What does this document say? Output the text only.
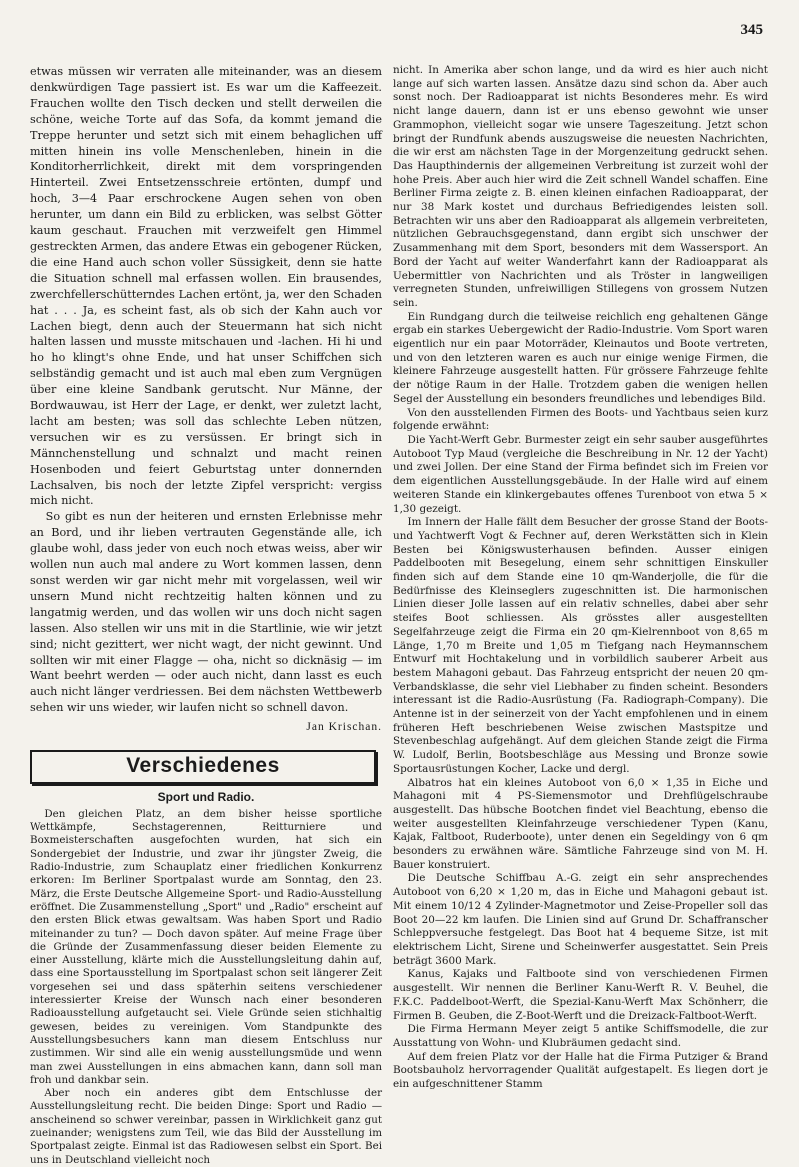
345

etwas müssen wir verraten alle miteinander, was an diesem denkwürdigen Tage passiert ist. Es war um die Kaffeezeit. Frauchen wollte den Tisch decken und stellt derweilen die schöne, weiche Torte auf das Sofa, da kommt jemand die Treppe herunter und setzt sich mit einem behaglichen uff mitten hinein ins volle Menschenleben, hinein in die Konditorherrlichkeit, direkt mit dem vorspringenden Hinterteil. Zwei Entsetzensschreie ertönten, dumpf und hoch, 3—4 Paar erschrockene Augen sehen von oben herunter, um dann ein Bild zu erblicken, was selbst Götter kaum geschaut. Frauchen mit verzweifelt gen Himmel gestreckten Armen, das andere Etwas ein gebogener Rücken, die eine Hand auch schon voller Süssigkeit, denn sie hatte die Situation schnell mal erfassen wollen. Ein brausendes, zwerchfellerschütterndes Lachen ertönt, ja, wer den Schaden hat . . . Ja, es scheint fast, als ob sich der Kahn auch vor Lachen biegt, denn auch der Steuermann hat sich nicht halten lassen und musste mitschauen und -lachen. Hi hi und ho ho klingt's ohne Ende, und hat unser Schiffchen sich selbständig gemacht und ist auch mal eben zum Vergnügen über eine kleine Sandbank gerutscht. Nur Männe, der Bordwauwau, ist Herr der Lage, er denkt, wer zuletzt lacht, lacht am besten; was soll das schlechte Leben nützen, versuchen wir es zu versüssen. Er bringt sich in Männchenstellung und schnalzt und macht reinen Hosenboden und feiert Geburtstag unter donnernden Lachsalven, bis noch der letzte Zipfel verspricht: vergiss mich nicht.

So gibt es nun der heiteren und ernsten Erlebnisse mehr an Bord, und ihr lieben vertrauten Gegenstände alle, ich glaube wohl, dass jeder von euch noch etwas weiss, aber wir wollen nun auch mal andere zu Wort kommen lassen, denn sonst werden wir gar nicht mehr mit vorgelassen, weil wir unsern Mund nicht rechtzeitig halten können und zu langatmig werden, und das wollen wir uns doch nicht sagen lassen. Also stellen wir uns mit in die Startlinie, wie wir jetzt sind; nicht gezittert, wer nicht wagt, der nicht gewinnt. Und sollten wir mit einer Flagge — oha, nicht so dicknäsig — im Want beehrt werden — oder auch nicht, dann lasst es euch auch nicht länger verdriessen. Bei dem nächsten Wettbewerb sehen wir uns wieder, wir laufen nicht so schnell davon.

Jan Krischan.
Verschiedenes
Sport und Radio.

Den gleichen Platz, an dem bisher heisse sportliche Wettkämpfe, Sechstagerennen, Reitturniere und Boxmeisterschaften ausgefochten wurden, hat sich ein Sondergebiet der Industrie, und zwar ihr jüngster Zweig, die Radio-Industrie, zum Schauplatz einer friedlichen Konkurrenz erkoren: Im Berliner Sportpalast wurde am Sonntag, den 23. März, die Erste Deutsche Allgemeine Sport- und Radio-Ausstellung eröffnet. Die Zusammenstellung „Sport" und „Radio" erscheint auf den ersten Blick etwas gewaltsam. Was haben Sport und Radio miteinander zu tun? — Doch davon später. Auf meine Frage über die Gründe der Zusammenfassung dieser beiden Elemente zu einer Ausstellung, klärte mich die Ausstellungsleitung dahin auf, dass eine Sportausstellung im Sportpalast schon seit längerer Zeit vorgesehen sei und dass späterhin seitens verschiedener interessierter Kreise der Wunsch nach einer besonderen Radioausstellung aufgetaucht sei. Viele Gründe seien stichhaltig gewesen, beides zu vereinigen. Vom Standpunkte des Ausstellungsbesuchers kann man diesem Entschluss nur zustimmen. Wir sind alle ein wenig ausstellungsmüde und wenn man zwei Ausstellungen in eins abmachen kann, dann soll man froh und dankbar sein.

Aber noch ein anderes gibt dem Entschlusse der Ausstellungsleitung recht. Die beiden Dinge: Sport und Radio — anscheinend so schwer vereinbar, passen in Wirklichkeit ganz gut zueinander; wenigstens zum Teil, wie das Bild der Ausstellung im Sportpalast zeigte. Einmal ist das Radiowesen selbst ein Sport. Bei uns in Deutschland vielleicht noch

nicht. In Amerika aber schon lange, und da wird es hier auch nicht lange auf sich warten lassen. Ansätze dazu sind schon da. Aber auch sonst noch. Der Radioapparat ist nichts Besonderes mehr. Es wird nicht lange dauern, dann ist er uns ebenso gewohnt wie unser Grammophon, vielleicht sogar wie unsere Tageszeitung. Jetzt schon bringt der Rundfunk abends auszugsweise die neuesten Nachrichten, die wir erst am nächsten Tage in der Morgenzeitung gedruckt sehen. Das Haupthindernis der allgemeinen Verbreitung ist zurzeit wohl der hohe Preis. Aber auch hier wird die Zeit schnell Wandel schaffen. Eine Berliner Firma zeigte z. B. einen kleinen einfachen Radioapparat, der nur 38 Mark kostet und durchaus Befriedigendes leisten soll. Betrachten wir uns aber den Radioapparat als allgemein verbreiteten, nützlichen Gebrauchsgegenstand, dann ergibt sich unschwer der Zusammenhang mit dem Sport, besonders mit dem Wassersport. An Bord der Yacht auf weiter Wanderfahrt kann der Radioapparat als Uebermittler von Nachrichten und als Tröster in langweiligen verregneten Stunden, unfreiwilligen Stillegens von grossem Nutzen sein.

Ein Rundgang durch die teilweise reichlich eng gehaltenen Gänge ergab ein starkes Uebergewicht der Radio-Industrie. Vom Sport waren eigentlich nur ein paar Motorräder, Kleinautos und Boote vertreten, und von den letzteren waren es auch nur einige wenige Firmen, die kleinere Fahrzeuge ausgestellt hatten. Für grössere Fahrzeuge fehlte der nötige Raum in der Halle. Trotzdem gaben die wenigen hellen Segel der Ausstellung ein besonders freundliches und lebendiges Bild.

Von den ausstellenden Firmen des Boots- und Yachtbaus seien kurz folgende erwähnt:

Die Yacht-Werft Gebr. Burmester zeigt ein sehr sauber ausgeführtes Autoboot Typ Maud (vergleiche die Beschreibung in Nr. 12 der Yacht) und zwei Jollen. Der eine Stand der Firma befindet sich im Freien vor dem eigentlichen Ausstellungsgebäude. In der Halle wird auf einem weiteren Stande ein klinkergebautes offenes Turenboot von etwa 5 × 1,30 gezeigt.

Im Innern der Halle fällt dem Besucher der grosse Stand der Boots- und Yachtwerft Vogt & Fechner auf, deren Werkstätten sich in Klein Besten bei Königswusterhausen befinden. Ausser einigen Paddelbooten mit Besegelung, einem sehr schnittigen Einskuller finden sich auf dem Stande eine 10 qm-Wanderjolle, die für die Bedürfnisse des Kleinseglers zugeschnitten ist. Die harmonischen Linien dieser Jolle lassen auf ein relativ schnelles, dabei aber sehr steifes Boot schliessen. Als grösstes aller ausgestellten Segelfahrzeuge zeigt die Firma ein 20 qm-Kielrennboot von 8,65 m Länge, 1,70 m Breite und 1,05 m Tiefgang nach Heymannschem Entwurf mit Hochtakelung und in vorbildlich sauberer Arbeit aus bestem Mahagoni gebaut. Das Fahrzeug entspricht der neuen 20 qm-Verbandsklasse, die sehr viel Liebhaber zu finden scheint. Besonders interessant ist die Radio-Ausrüstung (Fa. Radiograph-Company). Die Antenne ist in der seinerzeit von der Yacht empfohlenen und in einem früheren Heft beschriebenen Weise zwischen Mastspitze und Stevenbeschlag aufgehängt. Auf dem gleichen Stande zeigt die Firma W. Ludolf, Berlin, Bootsbeschläge aus Messing und Bronze sowie Sportausrüstungen Kocher, Lacke und dergl.

Albatros hat ein kleines Autoboot von 6,0 × 1,35 in Eiche und Mahagoni mit 4 PS-Siemensmotor und Drehflügelschraube ausgestellt. Das hübsche Bootchen findet viel Beachtung, ebenso die weiter ausgestellten Kleinfahrzeuge verschiedener Typen (Kanu, Kajak, Faltboot, Ruderboote), unter denen ein Segeldingy von 6 qm besonders zu erwähnen wäre. Sämtliche Fahrzeuge sind von M. H. Bauer konstruiert.

Die Deutsche Schiffbau A.-G. zeigt ein sehr ansprechendes Autoboot von 6,20 × 1,20 m, das in Eiche und Mahagoni gebaut ist. Mit einem 10/12 4 Zylinder-Magnetmotor und Zeise-Propeller soll das Boot 20—22 km laufen. Die Linien sind auf Grund Dr. Schaffranscher Schleppversuche festgelegt. Das Boot hat 4 bequeme Sitze, ist mit elektrischem Licht, Sirene und Scheinwerfer ausgestattet. Sein Preis beträgt 3600 Mark.

Kanus, Kajaks und Faltboote sind von verschiedenen Firmen ausgestellt. Wir nennen die Berliner Kanu-Werft R. V. Beuhel, die F.K.C. Paddelboot-Werft, die Spezial-Kanu-Werft Max Schönherr, die Firmen B. Geuben, die Z-Boot-Werft und die Dreizack-Faltboot-Werft.

Die Firma Hermann Meyer zeigt 5 antike Schiffsmodelle, die zur Ausstattung von Wohn- und Klubräumen gedacht sind.

Auf dem freien Platz vor der Halle hat die Firma Putziger & Brand Bootsbauholz hervorragender Qualität aufgestapelt. Es liegen dort je ein aufgeschnittener Stamm
